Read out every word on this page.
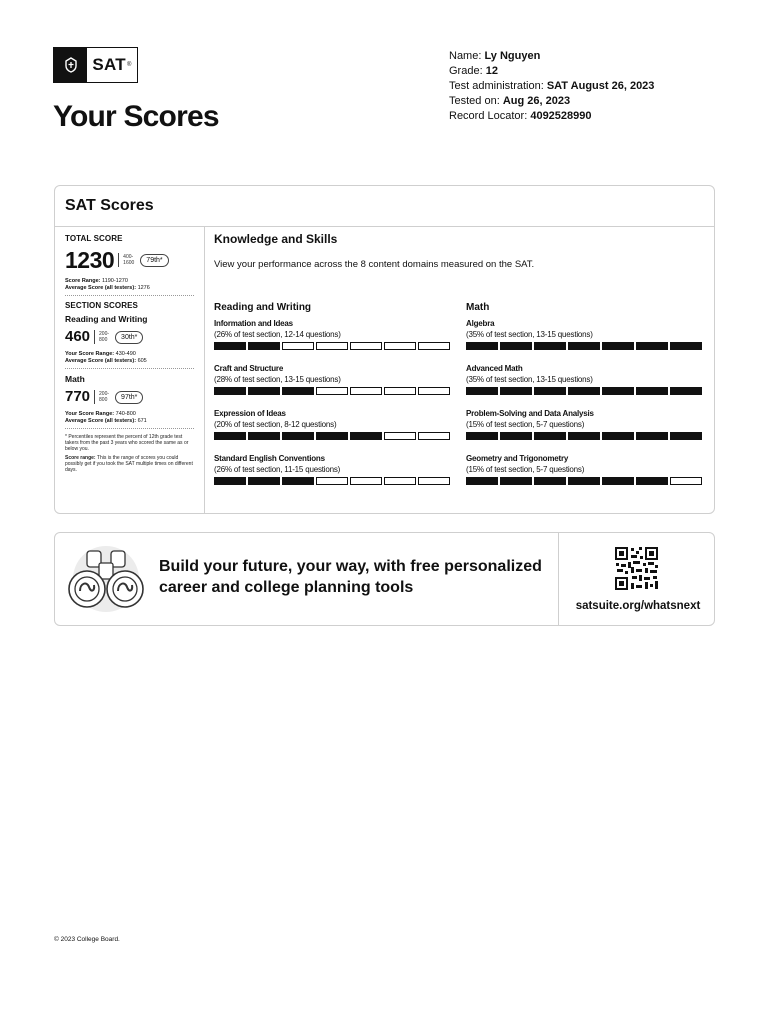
SAT ®
Your Scores
Name: Ly Nguyen
Grade: 12
Test administration: SAT August 26, 2023
Tested on: Aug 26, 2023
Record Locator: 4092528990
SAT Scores
TOTAL SCORE
1230 400-
1600	79th*
Score Range: 1190-1270
Average Score (all testers): 1276
SECTION SCORES
Reading and Writing
460 200-
800	30th*
Your Score Range: 430-490
Average Score (all testers): 605
Math
770 200-
800	97th*
Your Score Range: 740-800
Average Score (all testers): 671

* Percentiles represent the percent of 12th grade test takers from the past 3 years who scored the same as or below you.

Score range: This is the range of scores you could possibly get if you took the SAT multiple times on different days.

Knowledge and Skills
View your performance across the 8 content domains measured on the SAT.
Reading and Writing
Information and Ideas
(26% of test section, 12-14 questions)
Craft and Structure
(28% of test section, 13-15 questions)
Expression of Ideas
(20% of test section, 8-12 questions)
Standard English Conventions
(26% of test section, 11-15 questions)
Math
Algebra
(35% of test section, 13-15 questions)
Advanced Math
(35% of test section, 13-15 questions)
Problem-Solving and Data Analysis
(15% of test section, 5-7 questions)
Geometry and Trigonometry
(15% of test section, 5-7 questions)
Build your future, your way, with free personalized career and college planning tools
satsuite.org/whatsnext
© 2023 College Board.
